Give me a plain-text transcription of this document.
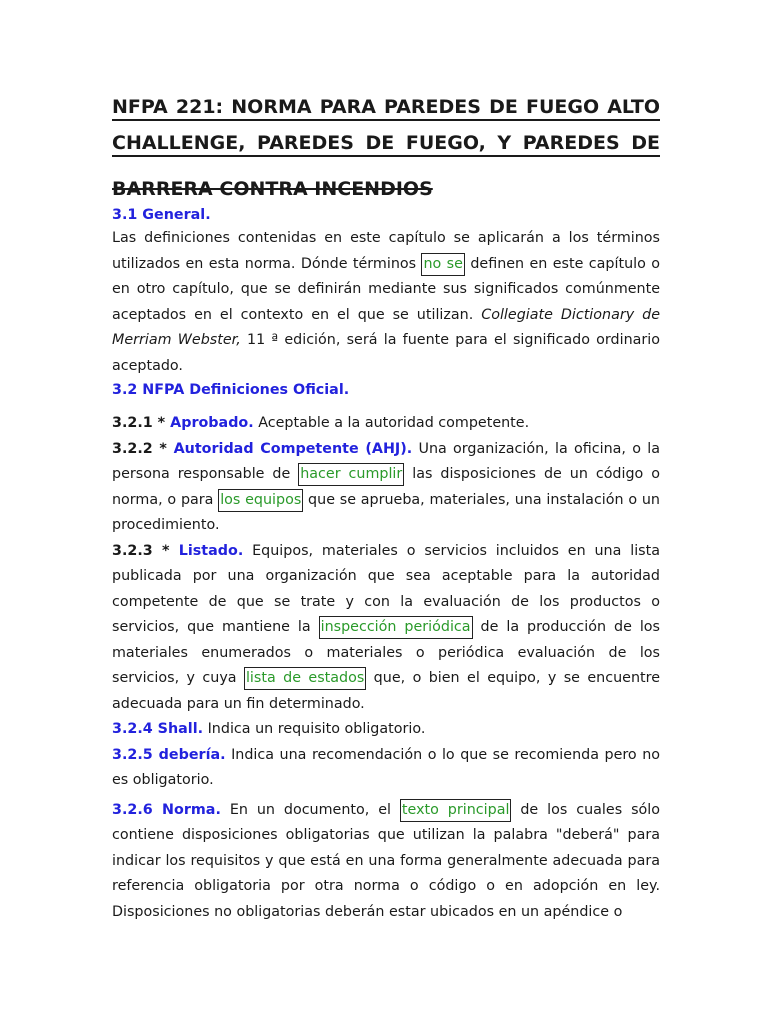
NFPA 221: NORMA PARA PAREDES DE FUEGO ALTO
CHALLENGE, PAREDES DE FUEGO, Y PAREDES DE
BARRERA CONTRA INCENDIOS
3.1 General.

Las definiciones contenidas en este capítulo se aplicarán a los términos utilizados en esta norma. Dónde términos no se definen en este capítulo o en otro capítulo, que se definirán mediante sus significados comúnmente aceptados en el contexto en el que se utilizan. Collegiate Dictionary de Merriam Webster, 11 ª edición, será la fuente para el significado ordinario aceptado.

3.2 NFPA Definiciones Oficial.

3.2.1 * Aprobado. Aceptable a la autoridad competente.

3.2.2 * Autoridad Competente (AHJ). Una organización, la oficina, o la persona responsable de hacer cumplir las disposiciones de un código o norma, o para los equipos que se aprueba, materiales, una instalación o un procedimiento.

3.2.3 * Listado. Equipos, materiales o servicios incluidos en una lista publicada por una organización que sea aceptable para la autoridad competente de que se trate y con la evaluación de los productos o servicios, que mantiene la inspección periódica de la producción de los materiales enumerados o materiales o periódica evaluación de los servicios, y cuya lista de estados que, o bien el equipo, y se encuentre adecuada para un fin determinado.

3.2.4 Shall. Indica un requisito obligatorio.

3.2.5 debería. Indica una recomendación o lo que se recomienda pero no es obligatorio.

3.2.6 Norma. En un documento, el texto principal de los cuales sólo contiene disposiciones obligatorias que utilizan la palabra "deberá" para indicar los requisitos y que está en una forma generalmente adecuada para referencia obligatoria por otra norma o código o en adopción en ley. Disposiciones no obligatorias deberán estar ubicados en un apéndice o
